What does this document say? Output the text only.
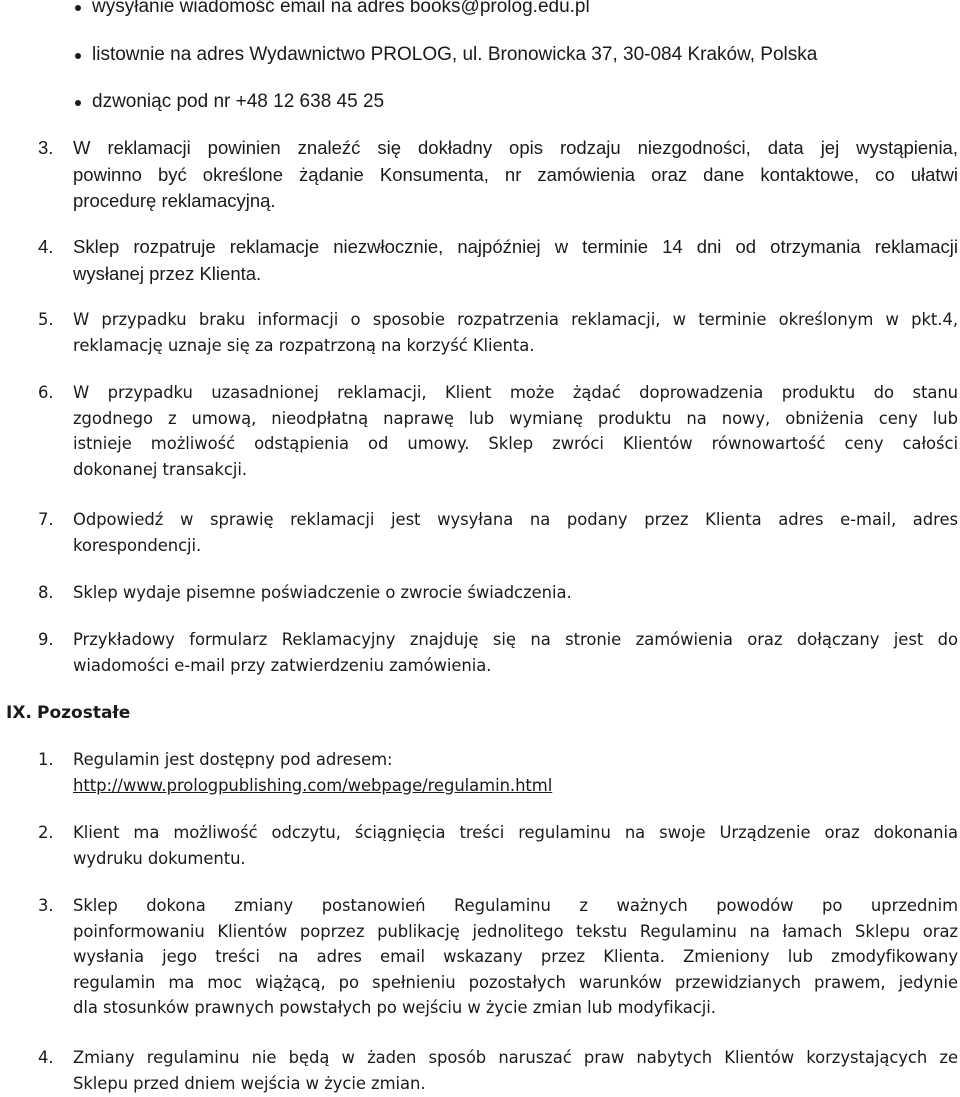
wysyłanie wiadomość email na adres books@prolog.edu.pl
listownie na adres Wydawnictwo PROLOG, ul. Bronowicka 37, 30-084 Kraków, Polska
dzwoniąc pod nr +48 12 638 45 25
3.	W reklamacji powinien znaleźć się dokładny opis rodzaju niezgodności, data jej wystąpienia,
powinno być określone żądanie Konsumenta, nr zamówienia oraz dane kontaktowe, co ułatwi
procedurę reklamacyjną.
4.	Sklep rozpatruje reklamacje niezwłocznie, najpóźniej w terminie 14 dni od otrzymania reklamacji
wysłanej przez Klienta.
5.	W przypadku braku informacji o sposobie rozpatrzenia reklamacji, w terminie określonym w pkt.4,
reklamację uznaje się za rozpatrzoną na korzyść Klienta.
6.	W przypadku uzasadnionej reklamacji, Klient może żądać doprowadzenia produktu do stanu
zgodnego z umową, nieodpłatną naprawę lub wymianę produktu na nowy, obniżenia ceny lub
istnieje możliwość odstąpienia od umowy. Sklep zwróci Klientów równowartość ceny całości
dokonanej transakcji.
7.	Odpowiedź w sprawię reklamacji jest wysyłana na podany przez Klienta adres e-mail, adres
korespondencji.
8.	Sklep wydaje pisemne poświadczenie o zwrocie świadczenia.
9.	Przykładowy formularz Reklamacyjny znajduję się na stronie zamówienia oraz dołączany jest do
wiadomości e-mail przy zatwierdzeniu zamówienia.
IX. Pozostałe
1.	Regulamin jest dostępny pod adresem:
http://www.prologpublishing.com/webpage/regulamin.html
2.	Klient ma możliwość odczytu, ściągnięcia treści regulaminu na swoje Urządzenie oraz dokonania
wydruku dokumentu.
3.	Sklep dokona zmiany postanowień Regulaminu z ważnych powodów po uprzednim
poinformowaniu Klientów poprzez publikację jednolitego tekstu Regulaminu na łamach Sklepu oraz
wysłania jego treści na adres email wskazany przez Klienta. Zmieniony lub zmodyfikowany
regulamin ma moc wiążącą, po spełnieniu pozostałych warunków przewidzianych prawem, jedynie
dla stosunków prawnych powstałych po wejściu w życie zmian lub modyfikacji.
4.	Zmiany regulaminu nie będą w żaden sposób naruszać praw nabytych Klientów korzystających ze
Sklepu przed dniem wejścia w życie zmian.
